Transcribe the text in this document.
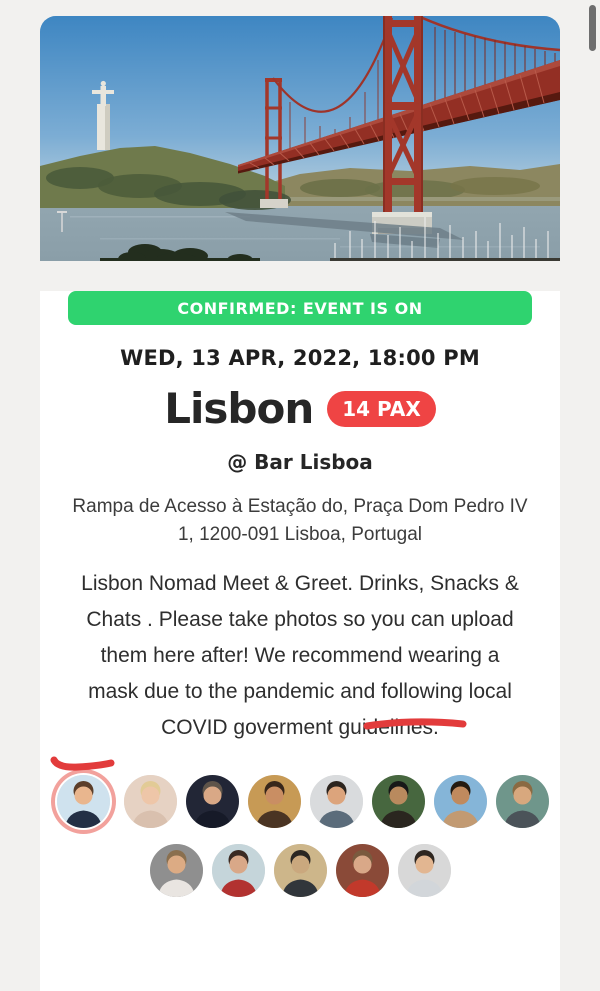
CONFIRMED: EVENT IS ON
WED, 13 APR, 2022, 18:00 PM
Lisbon	14 PAX
@ Bar Lisboa
Rampa de Acesso à Estação do, Praça Dom Pedro IV
1, 1200-091 Lisboa, Portugal
Lisbon Nomad Meet & Greet. Drinks, Snacks &
Chats . Please take photos so you can upload
them here after! We recommend wearing a
mask due to the pandemic and following local
COVID goverment guidelines.
